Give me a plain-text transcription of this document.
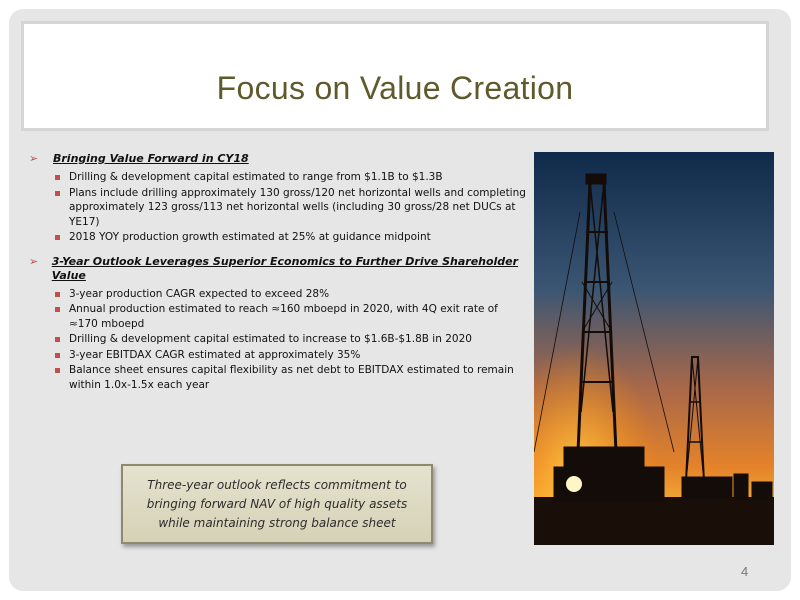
Focus on Value Creation
➢	Bringing Value Forward in CY18
Drilling & development capital estimated to range from $1.1B to $1.3B
Plans include drilling approximately 130 gross/120 net horizontal wells and completing approximately 123 gross/113 net horizontal wells (including 30 gross/28 net DUCs at YE17)
2018 YOY production growth estimated at 25% at guidance midpoint
➢	3-Year Outlook Leverages Superior Economics to Further Drive Shareholder Value
3-year production CAGR expected to exceed 28%
Annual production estimated to reach ≈160 mboepd in 2020, with 4Q exit rate of ≈170 mboepd
Drilling & development capital estimated to increase to $1.6B-$1.8B in 2020
3-year EBITDAX CAGR estimated at approximately 35%
Balance sheet ensures capital flexibility as net debt to EBITDAX estimated to remain within 1.0x-1.5x each year
Three-year outlook reflects commitment to bringing forward NAV of high quality assets while maintaining strong balance sheet
4
